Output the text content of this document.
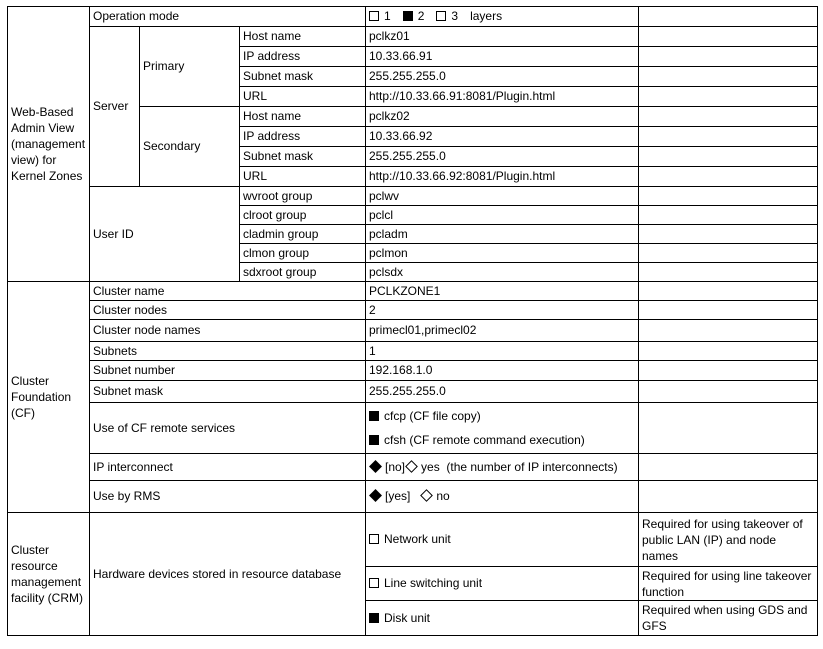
Web-Based Admin View (management view) for Kernel Zones	Operation mode			1 2 3 layers	
	Server	Primary	Host name	pclkz01	
			IP address	10.33.66.91	
			Subnet mask	255.255.255.0	
			URL	http://10.33.66.91:8081/Plugin.html	
		Secondary	Host name	pclkz02	
			IP address	10.33.66.92	
			Subnet mask	255.255.255.0	
			URL	http://10.33.66.92:8081/Plugin.html	
	User ID		wvroot group	pclwv	
			clroot group	pclcl	
			cladmin group	pcladm	
			clmon group	pclmon	
			sdxroot group	pclsdx	
Cluster Foundation (CF)	Cluster name			PCLKZONE1	
	Cluster nodes			2	
	Cluster node names			primecl01,primecl02	
	Subnets			1	
	Subnet number			192.168.1.0	
	Subnet mask			255.255.255.0	
	Use of CF remote services			cfcp (CF file copy)
cfsh (CF remote command execution)	

	IP interconnect			[no] yes (the number of IP interconnects)	
	Use by RMS			[yes] no	
Cluster resource management facility (CRM)	Hardware devices stored in resource database			Network unit	Required for using takeover of public LAN (IP) and node names
				Line switching unit	Required for using line takeover function
				Disk unit	Required when using GDS and GFS
